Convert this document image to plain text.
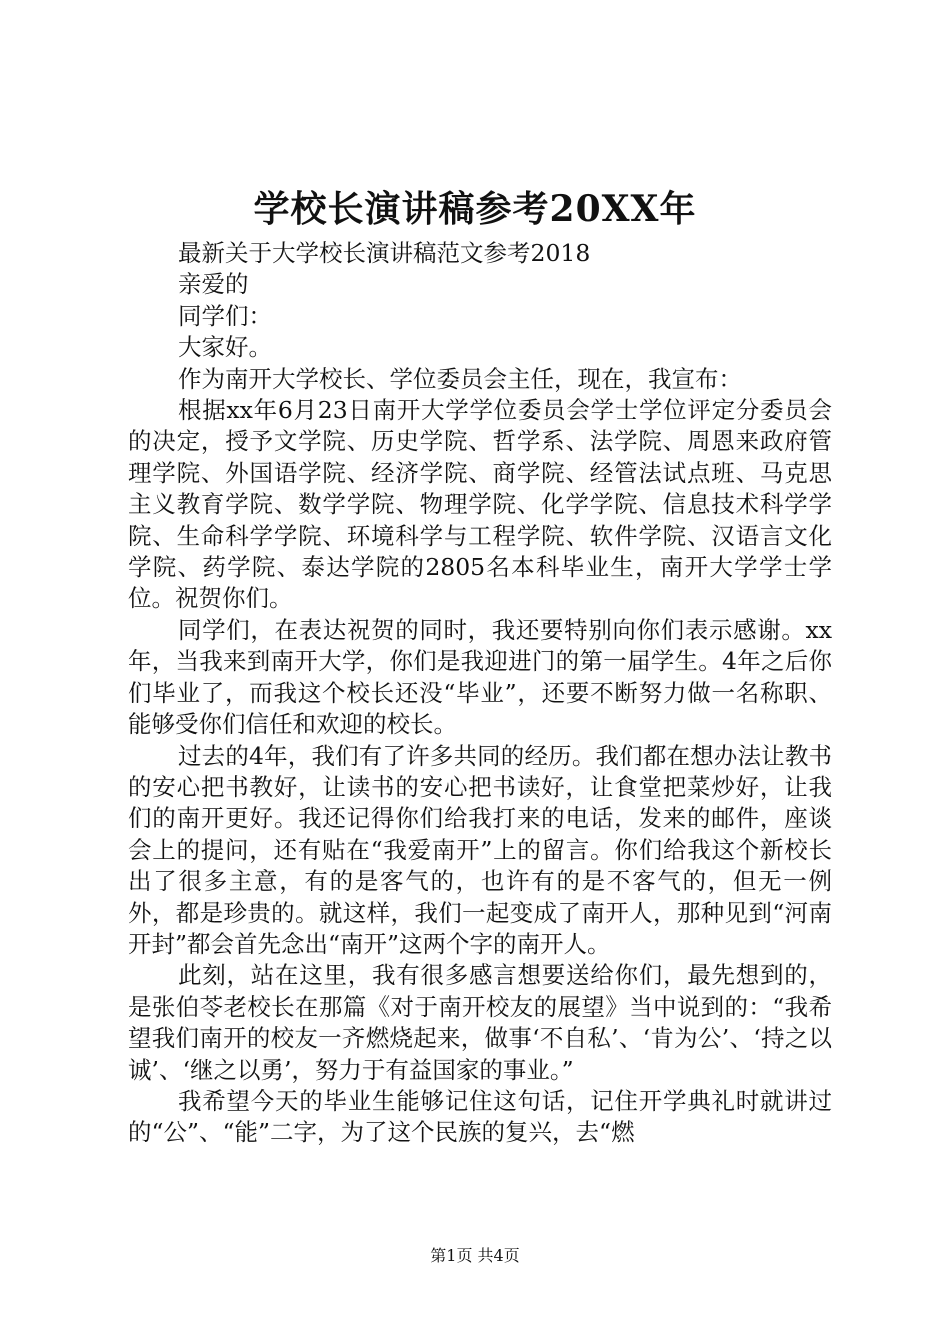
学校长演讲稿参考20XX年
最新关于大学校长演讲稿范文参考2018
亲爱的
同学们：
大家好。
作为南开大学校长、学位委员会主任，现在，我宣布：

根据xx年6月23日南开大学学位委员会学士学位评定分委员会的决定，授予文学院、历史学院、哲学系、法学院、周恩来政府管理学院、外国语学院、经济学院、商学院、经管法试点班、马克思主义教育学院、数学学院、物理学院、化学学院、信息技术科学学院、生命科学学院、环境科学与工程学院、软件学院、汉语言文化学院、药学院、泰达学院的2805名本科毕业生，南开大学学士学位。祝贺你们。

同学们，在表达祝贺的同时，我还要特别向你们表示感谢。xx年，当我来到南开大学，你们是我迎进门的第一届学生。4年之后你们毕业了，而我这个校长还没“毕业”，还要不断努力做一名称职、能够受你们信任和欢迎的校长。

过去的4年，我们有了许多共同的经历。我们都在想办法让教书的安心把书教好，让读书的安心把书读好，让食堂把菜炒好，让我们的南开更好。我还记得你们给我打来的电话，发来的邮件，座谈会上的提问，还有贴在“我爱南开”上的留言。你们给我这个新校长出了很多主意，有的是客气的，也许有的是不客气的，但无一例外，都是珍贵的。就这样，我们一起变成了南开人，那种见到“河南开封”都会首先念出“南开”这两个字的南开人。

此刻，站在这里，我有很多感言想要送给你们，最先想到的，是张伯苓老校长在那篇《对于南开校友的展望》当中说到的：“我希望我们南开的校友一齐燃烧起来，做事‘不自私’、‘肯为公’、‘持之以诚’、‘继之以勇’，努力于有益国家的事业。”

我希望今天的毕业生能够记住这句话，记住开学典礼时就讲过的“公”、“能”二字，为了这个民族的复兴，去“燃

第1页 共4页
